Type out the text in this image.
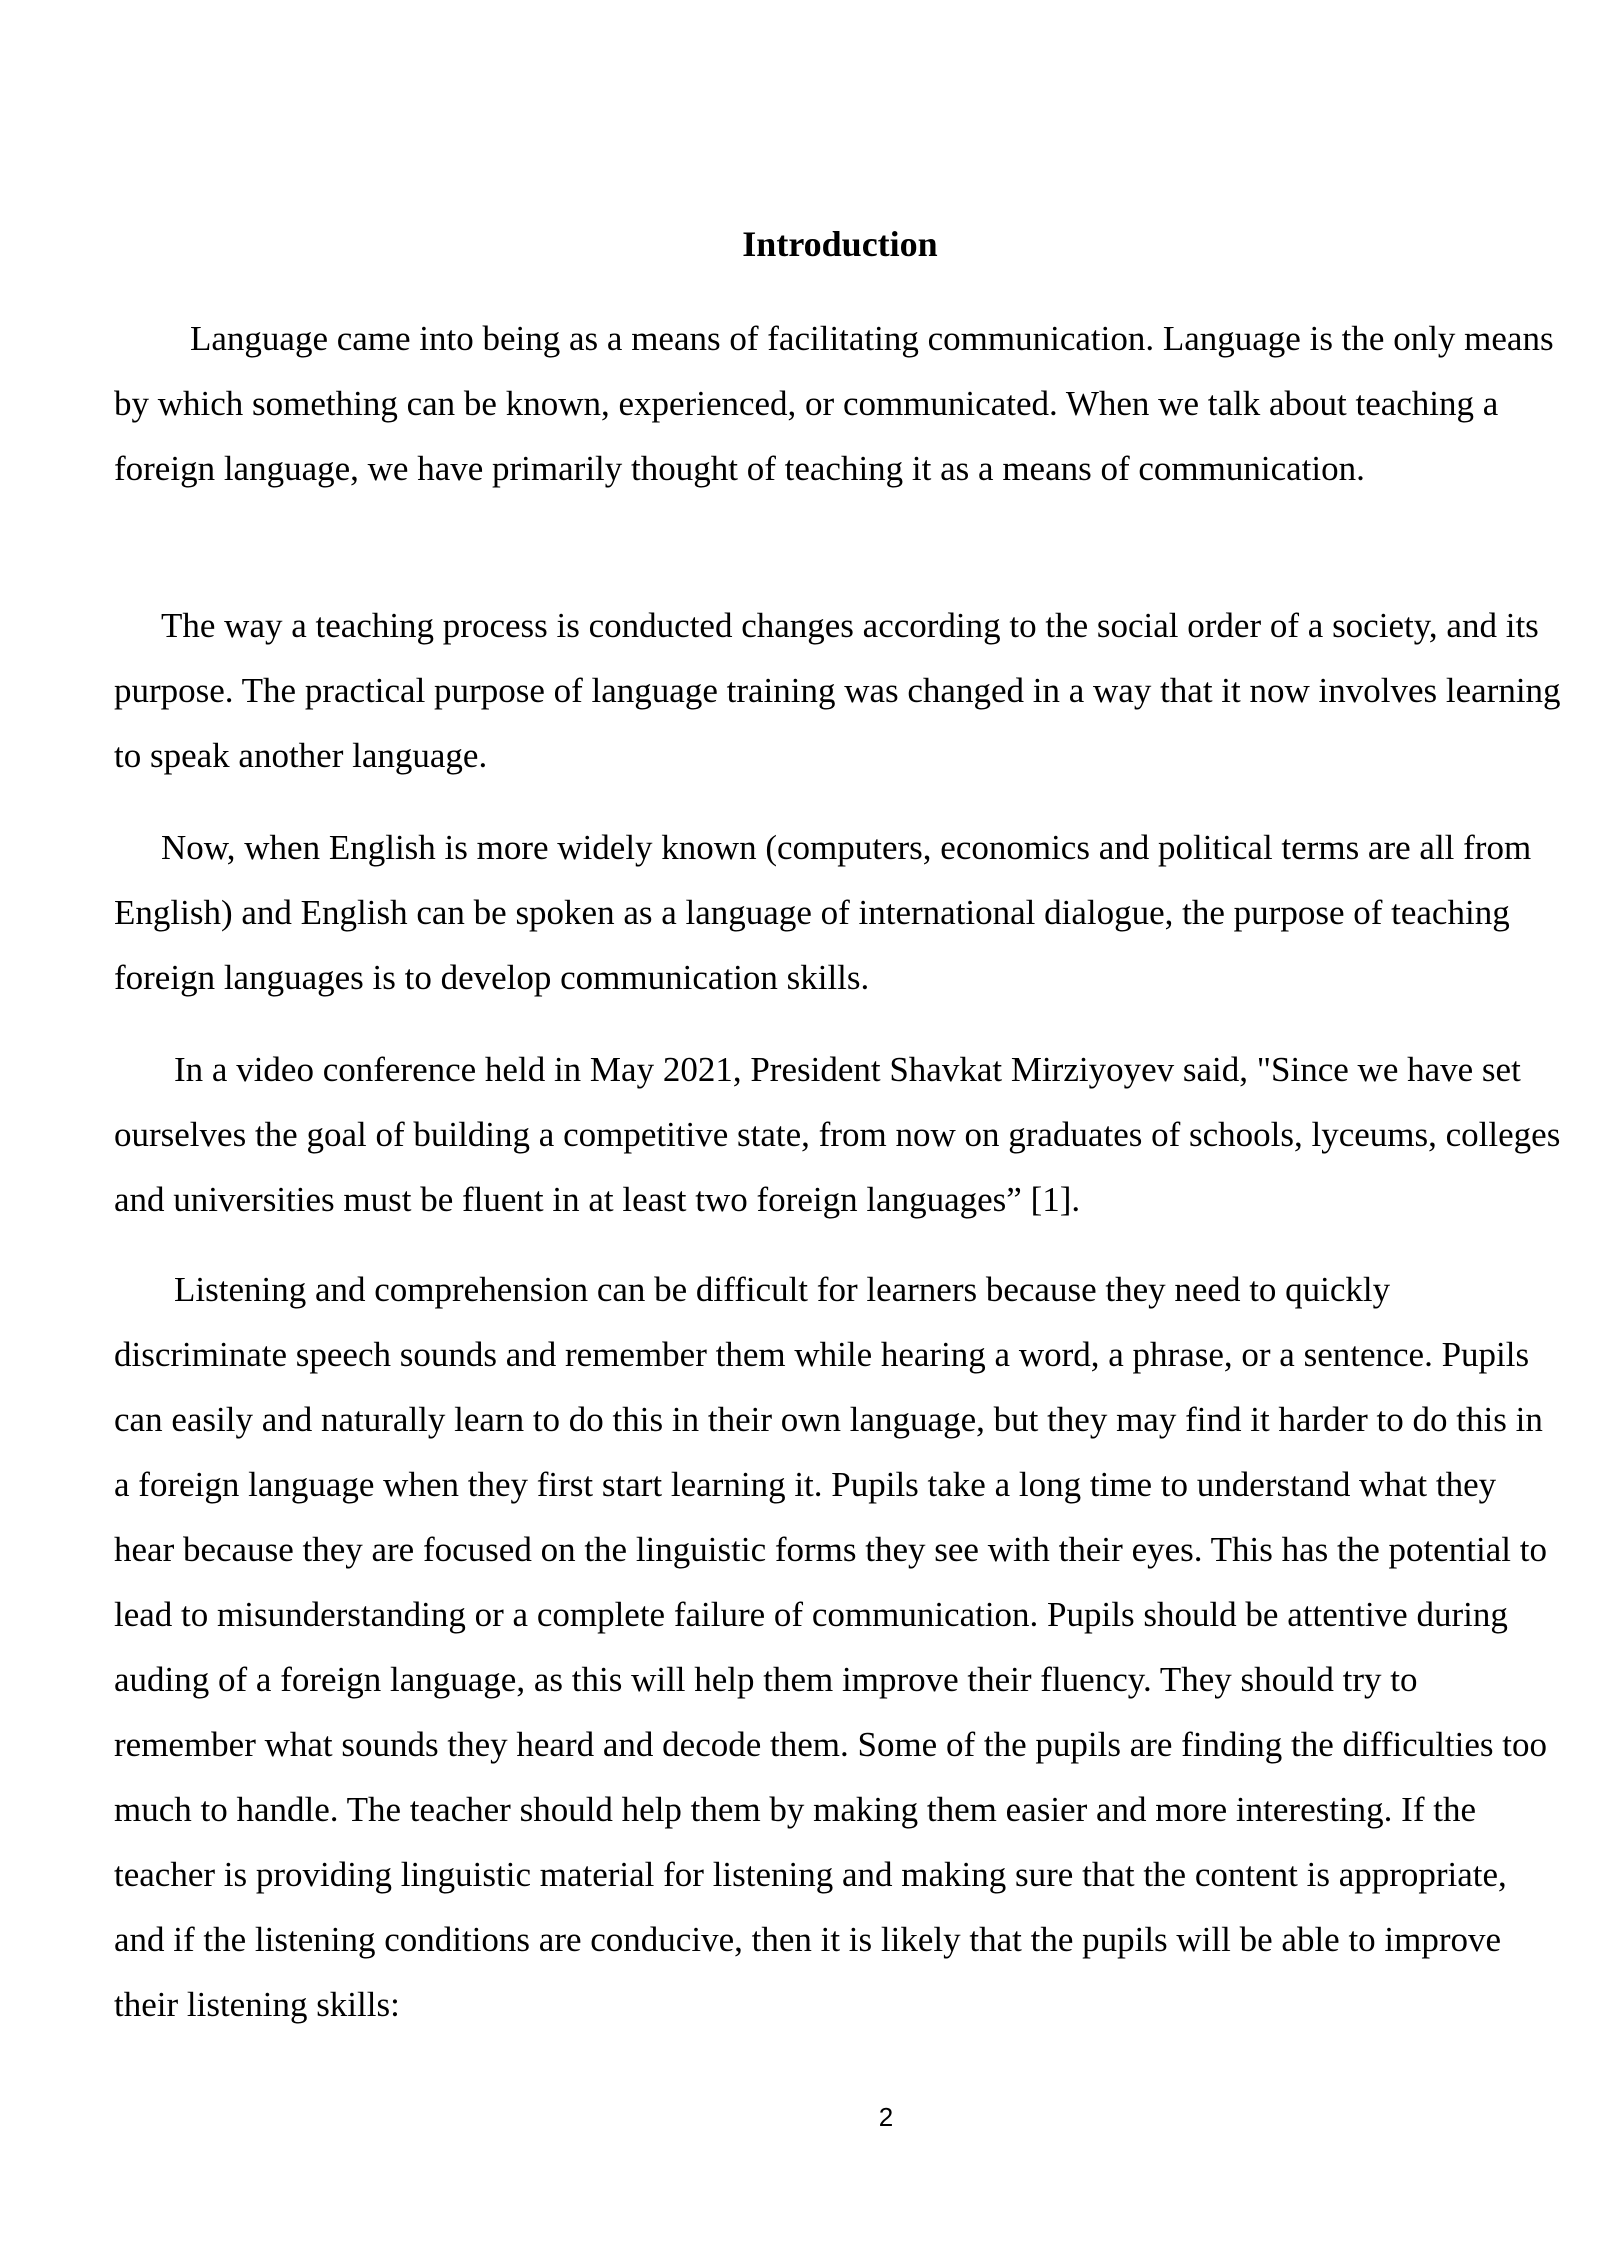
Introduction

Language came into being as a means of facilitating communication. Language is the only means by which something can be known, experienced, or communicated. When we talk about teaching a foreign language, we have primarily thought of teaching it as a means of communication.

The way a teaching process is conducted changes according to the social order of a society, and its purpose. The practical purpose of language training was changed in a way that it now involves learning to speak another language.

Now, when English is more widely known (computers, economics and political terms are all from English) and English can be spoken as a language of international dialogue, the purpose of teaching foreign languages is to develop communication skills.

In a video conference held in May 2021, President Shavkat Mirziyoyev said, "Since we have set ourselves the goal of building a competitive state, from now on graduates of schools, lyceums, colleges and universities must be fluent in at least two foreign languages” [1].

Listening and comprehension can be difficult for learners because they need to quickly discriminate speech sounds and remember them while hearing a word, a phrase, or a sentence. Pupils can easily and naturally learn to do this in their own language, but they may find it harder to do this in a foreign language when they first start learning it. Pupils take a long time to understand what they hear because they are focused on the linguistic forms they see with their eyes. This has the potential to lead to misunderstanding or a complete failure of communication. Pupils should be attentive during auding of a foreign language, as this will help them improve their fluency. They should try to remember what sounds they heard and decode them. Some of the pupils are finding the difficulties too much to handle. The teacher should help them by making them easier and more interesting. If the teacher is providing linguistic material for listening and making sure that the content is appropriate, and if the listening conditions are conducive, then it is likely that the pupils will be able to improve their listening skills:

2
